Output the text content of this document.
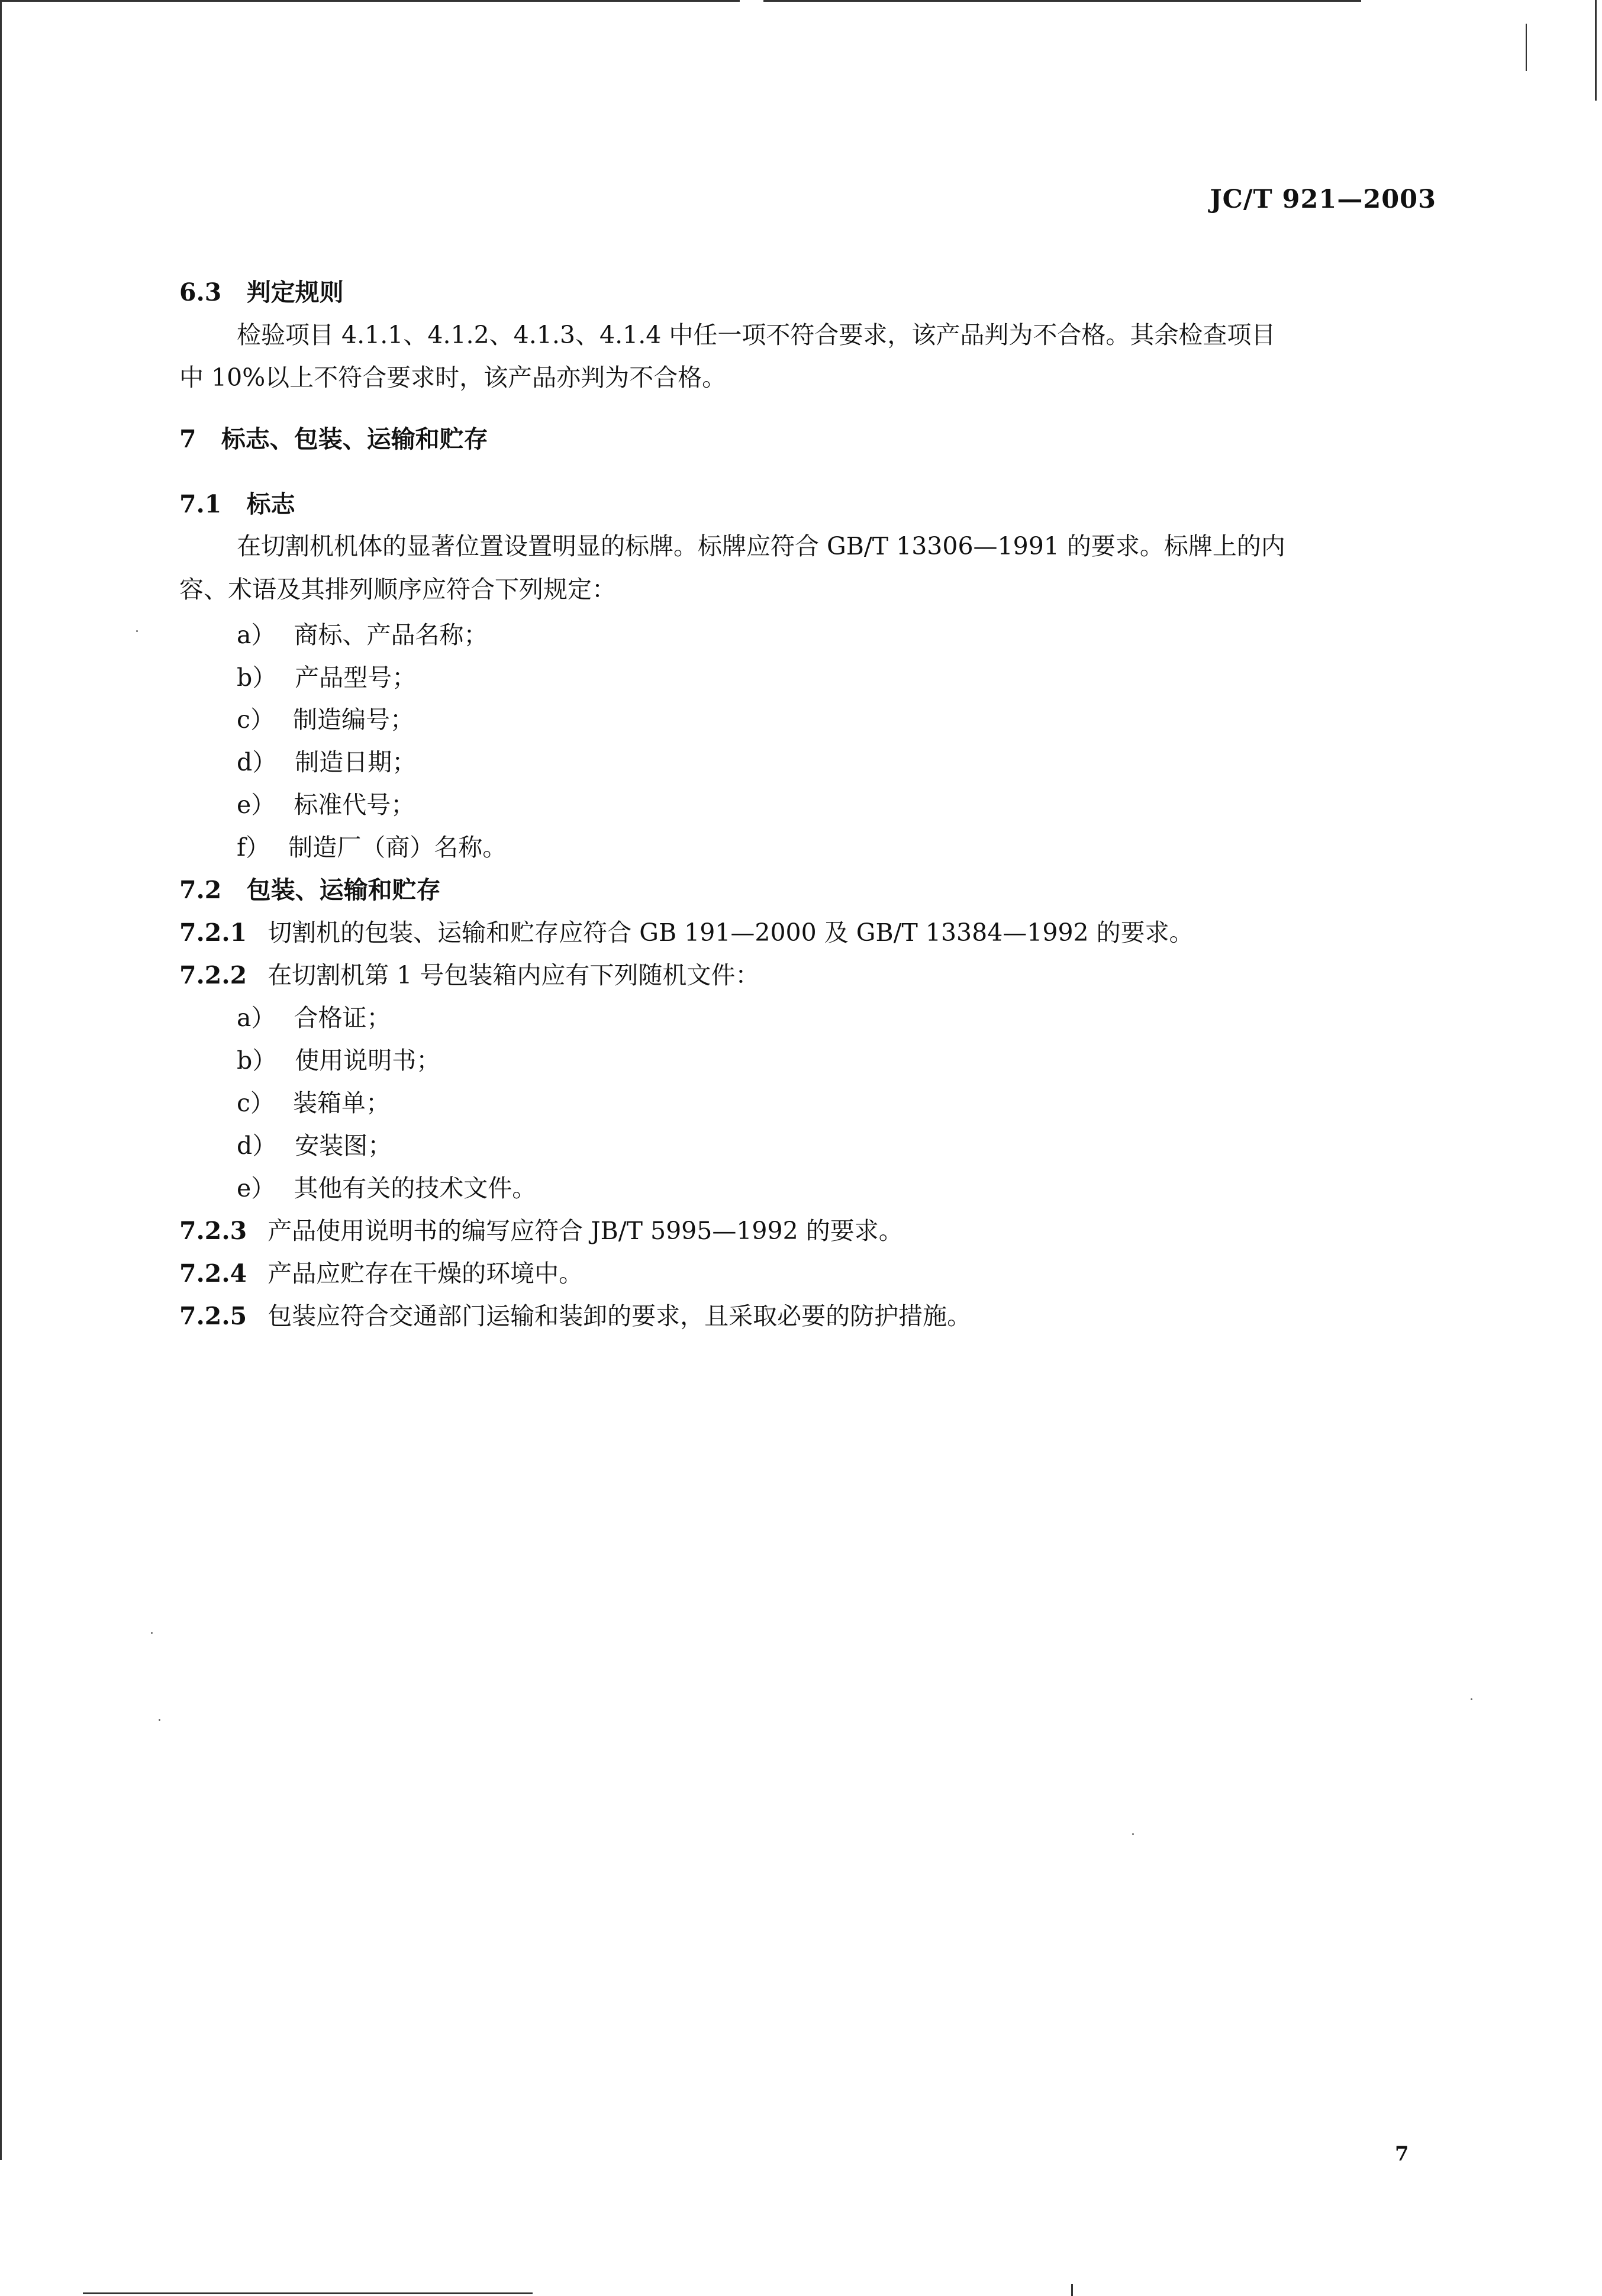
JC/T 921—2003
6.3 判定规则
检验项目 4.1.1、4.1.2、4.1.3、4.1.4 中任一项不符合要求，该产品判为不合格。其余检查项目
中 10%以上不符合要求时，该产品亦判为不合格。
7 标志、包装、运输和贮存
7.1 标志
在切割机机体的显著位置设置明显的标牌。标牌应符合 GB/T 13306—1991 的要求。标牌上的内
容、术语及其排列顺序应符合下列规定：
a） 商标、产品名称；
b） 产品型号；
c） 制造编号；
d） 制造日期；
e） 标准代号；
f） 制造厂（商）名称。
7.2 包装、运输和贮存
7.2.1 切割机的包装、运输和贮存应符合 GB 191—2000 及 GB/T 13384—1992 的要求。
7.2.2 在切割机第 1 号包装箱内应有下列随机文件：
a） 合格证；
b） 使用说明书；
c） 装箱单；
d） 安装图；
e） 其他有关的技术文件。
7.2.3 产品使用说明书的编写应符合 JB/T 5995—1992 的要求。
7.2.4 产品应贮存在干燥的环境中。
7.2.5 包装应符合交通部门运输和装卸的要求，且采取必要的防护措施。
7
